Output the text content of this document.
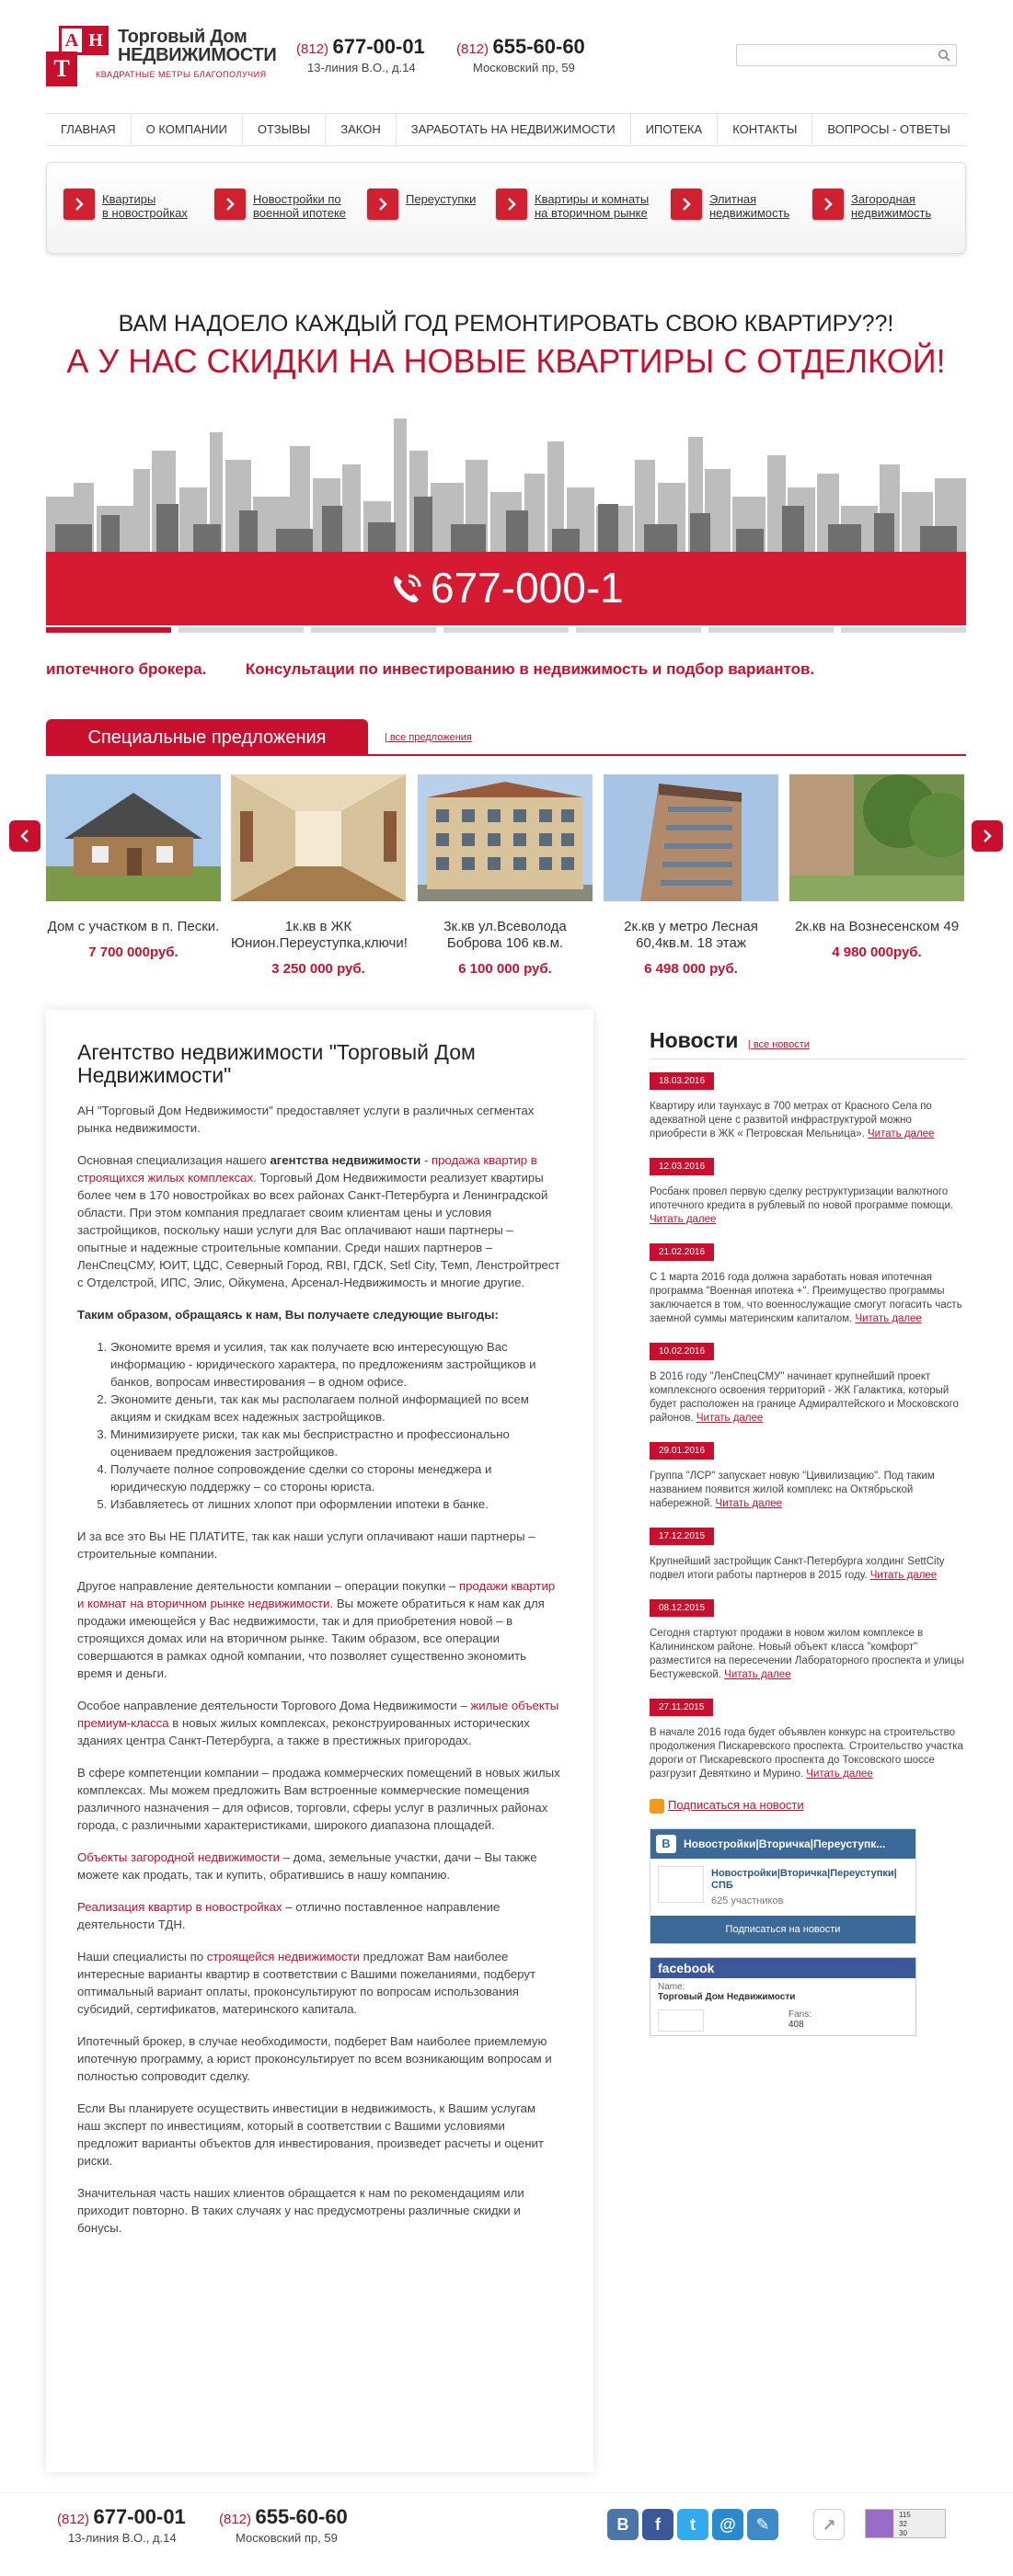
А Н
Т
Торговый Дом
НЕДВИЖИМОСТИ
КВАДРАТНЫЕ МЕТРЫ БЛАГОПОЛУЧИЯ
(812) 677-00-01
13-линия В.О., д.14
(812) 655-60-60
Московский пр, 59
ГЛАВНАЯ	О КОМПАНИИ	ОТЗЫВЫ	ЗАКОН	ЗАРАБОТАТЬ НА НЕДВИЖИМОСТИ	ИПОТЕКА	КОНТАКТЫ	ВОПРОСЫ - ОТВЕТЫ
Квартиры
в новостройках
Новостройки по
военной ипотеке
Переуступки	Квартиры и комнаты
на вторичном рынке
Элитная
недвижимость
Загородная
недвижимость
ВАМ НАДОЕЛО КАЖДЫЙ ГОД РЕМОНТИРОВАТЬ СВОЮ КВАРТИРУ??!
А У НАС СКИДКИ НА НОВЫЕ КВАРТИРЫ С ОТДЕЛКОЙ!
677-000-1
ипотечного брокера.         Консультации по инвестированию в недвижимость и подбор вариантов.
Специальные предложения	| все предложения
Дом с участком в п. Пески.
7 700 000руб.
1к.кв в ЖК Юнион.Переуступка,ключи!
3 250 000 руб.
3к.кв ул.Всеволода Боброва 106 кв.м.
6 100 000 руб.
2к.кв у метро Лесная 60,4кв.м. 18 этаж
6 498 000 руб.
2к.кв на Вознесенском 49
4 980 000руб.
Агентство недвижимости "Торговый Дом Недвижимости"

АН "Торговый Дом Недвижимости" предоставляет услуги в различных сегментах рынка недвижимости.

Основная специализация нашего агентства недвижимости - продажа квартир в строящихся жилых комплексах. Торговый Дом Недвижимости реализует квартиры более чем в 170 новостройках во всех районах Санкт-Петербурга и Ленинградской области. При этом компания предлагает своим клиентам цены и условия застройщиков, поскольку наши услуги для Вас оплачивают наши партнеры – опытные и надежные строительные компании. Среди наших партнеров – ЛенСпецСМУ, ЮИТ, ЦДС, Северный Город, RBI, ГДСК, Setl City, Темп, Ленстройтрест с Отделстрой, ИПС, Элис, Ойкумена, Арсенал-Недвижимость и многие другие.

Таким образом, обращаясь к нам, Вы получаете следующие выгоды:

1. Экономите время и усилия, так как получаете всю интересующую Вас информацию - юридического характера, по предложениям застройщиков и банков, вопросам инвестирования – в одном офисе.
2. Экономите деньги, так как мы располагаем полной информацией по всем акциям и скидкам всех надежных застройщиков.
3. Минимизируете риски, так как мы беспристрастно и профессионально оцениваем предложения застройщиков.
4. Получаете полное сопровождение сделки со стороны менеджера и юридическую поддержку – со стороны юриста.
5. Избавляетесь от лишних хлопот при оформлении ипотеки в банке.

И за все это Вы НЕ ПЛАТИТЕ, так как наши услуги оплачивают наши партнеры – строительные компании.

Другое направление деятельности компании – операции покупки – продажи квартир и комнат на вторичном рынке недвижимости. Вы можете обратиться к нам как для продажи имеющейся у Вас недвижимости, так и для приобретения новой – в строящихся домах или на вторичном рынке. Таким образом, все операции совершаются в рамках одной компании, что позволяет существенно экономить время и деньги.

Особое направление деятельности Торгового Дома Недвижимости – жилые объекты премиум-класса в новых жилых комплексах, реконструированных исторических зданиях центра Санкт-Петербурга, а также в престижных пригородах.

В сфере компетенции компании – продажа коммерческих помещений в новых жилых комплексах. Мы можем предложить Вам встроенные коммерческие помещения различного назначения – для офисов, торговли, сферы услуг в различных районах города, с различными характеристиками, широкого диапазона площадей.

Объекты загородной недвижимости – дома, земельные участки, дачи – Вы также можете как продать, так и купить, обратившись в нашу компанию.

Реализация квартир в новостройках – отлично поставленное направление деятельности ТДН.

Наши специалисты по строящейся недвижимости предложат Вам наиболее интересные варианты квартир в соответствии с Вашими пожеланиями, подберут оптимальный вариант оплаты, проконсультируют по вопросам использования субсидий, сертификатов, материнского капитала.

Ипотечный брокер, в случае необходимости, подберет Вам наиболее приемлемую ипотечную программу, а юрист проконсультирует по всем возникающим вопросам и полностью сопроводит сделку.

Если Вы планируете осуществить инвестиции в недвижимость, к Вашим услугам наш эксперт по инвестициям, который в соответствии с Вашими условиями предложит варианты объектов для инвестирования, произведет расчеты и оценит риски.

Значительная часть наших клиентов обращается к нам по рекомендациям или приходит повторно. В таких случаях у нас предусмотрены различные скидки и бонусы.

Новости | все новости
18.03.2016
Квартиру или таунхаус в 700 метрах от Красного Села по адекватной цене с развитой инфраструктурой можно приобрести в ЖК « Петровская Мельница». Читать далее
12.03.2016
Росбанк провел первую сделку реструктуризации валютного ипотечного кредита в рублевый по новой программе помощи. Читать далее
21.02.2016
С 1 марта 2016 года должна заработать новая ипотечная программа "Военная ипотека +". Преимущество программы заключается в том, что военнослужащие смогут погасить часть заемной суммы материнским капиталом. Читать далее
10.02.2016
В 2016 году "ЛенСпецСМУ" начинает крупнейший проект комплексного освоения территорий - ЖК Галактика, который будет расположен на границе Адмиралтейского и Московского районов. Читать далее
29.01.2016
Группа "ЛСР" запускает новую "Цивилизацию". Под таким названием появится жилой комплекс на Октябрьской набережной. Читать далее
17.12.2015
Крупнейший застройщик Санкт-Петербурга холдинг SettCity подвел итоги работы партнеров в 2015 году. Читать далее
08.12.2015
Сегодня стартуют продажи в новом жилом комплексе в Калининском районе. Новый объект класса "комфорт" разместится на пересечении Лабораторного проспекта и улицы Бестужевской. Читать далее
27.11.2015
В начале 2016 года будет объявлен конкурс на строительство продолжения Пискаревского проспекта. Строительство участка дороги от Пискаревского проспекта до Токсовского шоссе разгрузит Девяткино и Мурино. Читать далее
Подписаться на новости
B	Новостройки|Вторичка|Переуступк...
Новостройки|Вторичка|Переуступки| СПБ
625 участников
Подписаться на новости
facebook
Name:
Торговый Дом Недвижимости
Fans:
408
(812) 677-00-01
13-линия В.О., д.14
(812) 655-60-60
Московский пр, 59
B	f	t	@	✎	↗
115
32
30
